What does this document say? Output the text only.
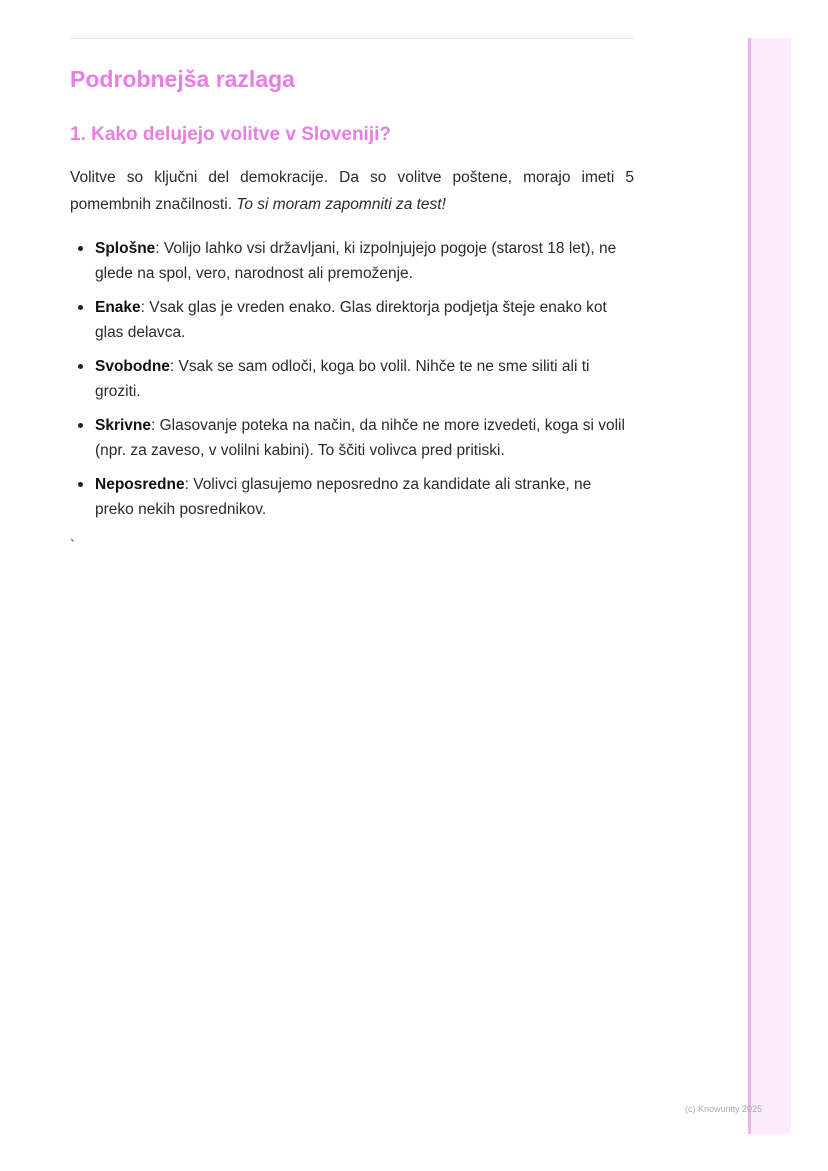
Podrobnejša razlaga
1. Kako delujejo volitve v Sloveniji?

Volitve so ključni del demokracije. Da so volitve poštene, morajo imeti 5 pomembnih značilnosti. To si moram zapomniti za test!

Splošne: Volijo lahko vsi državljani, ki izpolnjujejo pogoje (starost 18 let), ne glede na spol, vero, narodnost ali premoženje.
Enake: Vsak glas je vreden enako. Glas direktorja podjetja šteje enako kot glas delavca.
Svobodne: Vsak se sam odloči, koga bo volil. Nihče te ne sme siliti ali ti groziti.
Skrivne: Glasovanje poteka na način, da nihče ne more izvedeti, koga si volil (npr. za zaveso, v volilni kabini). To ščiti volivca pred pritiski.
Neposredne: Volivci glasujemo neposredno za kandidate ali stranke, ne preko nekih posrednikov.
`
(c) Knowunity 2025
